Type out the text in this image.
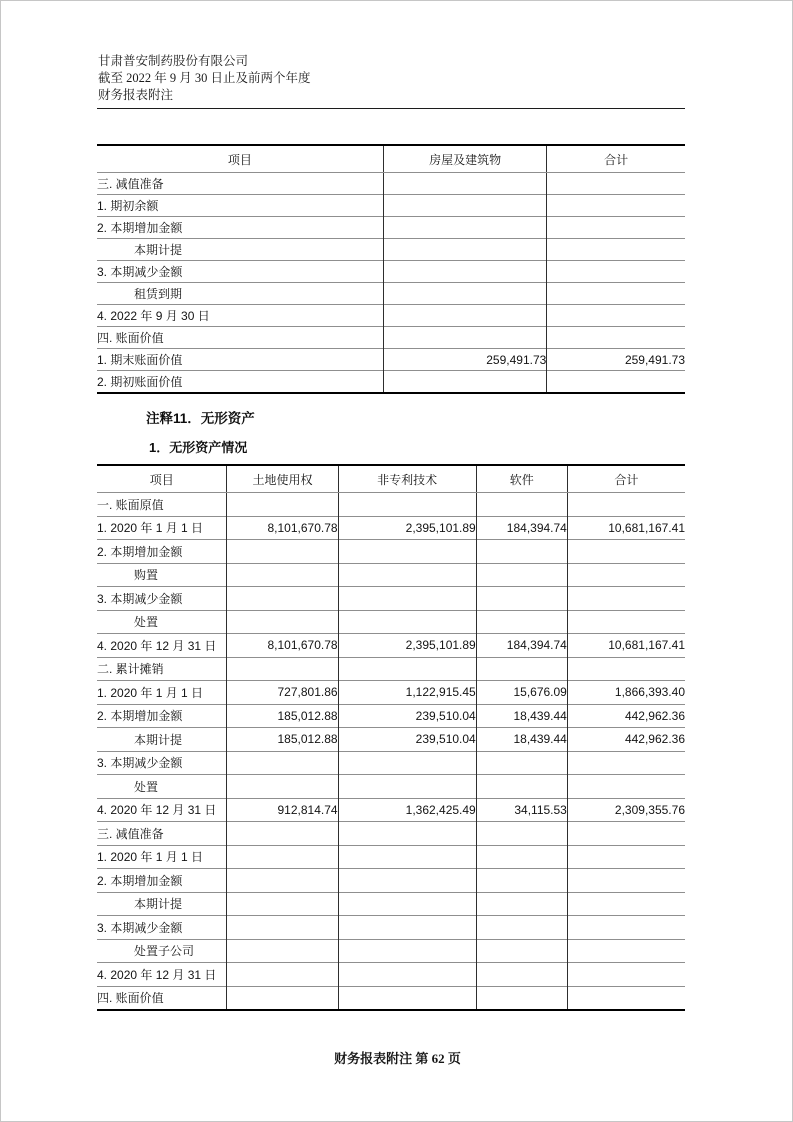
甘肃普安制药股份有限公司
截至 2022 年 9 月 30 日止及前两个年度
财务报表附注
项目	房屋及建筑物	合计
三. 减值准备		
1. 期初余额		
2. 本期增加金额		
本期计提		
3. 本期减少金额		
租赁到期		
4. 2022 年 9 月 30 日		
四. 账面价值		
1. 期末账面价值	259,491.73	259,491.73
2. 期初账面价值		
注释11．无形资产
1．无形资产情况
项目	土地使用权	非专利技术	软件	合计
一. 账面原值				
1. 2020 年 1 月 1 日	8,101,670.78	2,395,101.89	184,394.74	10,681,167.41
2. 本期增加金额				
购置				
3. 本期减少金额				
处置				
4. 2020 年 12 月 31 日	8,101,670.78	2,395,101.89	184,394.74	10,681,167.41
二. 累计摊销				
1. 2020 年 1 月 1 日	727,801.86	1,122,915.45	15,676.09	1,866,393.40
2. 本期增加金额	185,012.88	239,510.04	18,439.44	442,962.36
本期计提	185,012.88	239,510.04	18,439.44	442,962.36
3. 本期减少金额				
处置				
4. 2020 年 12 月 31 日	912,814.74	1,362,425.49	34,115.53	2,309,355.76
三. 减值准备				
1. 2020 年 1 月 1 日				
2. 本期增加金额				
本期计提				
3. 本期减少金额				
处置子公司				
4. 2020 年 12 月 31 日				
四. 账面价值				
财务报表附注 第 62 页
